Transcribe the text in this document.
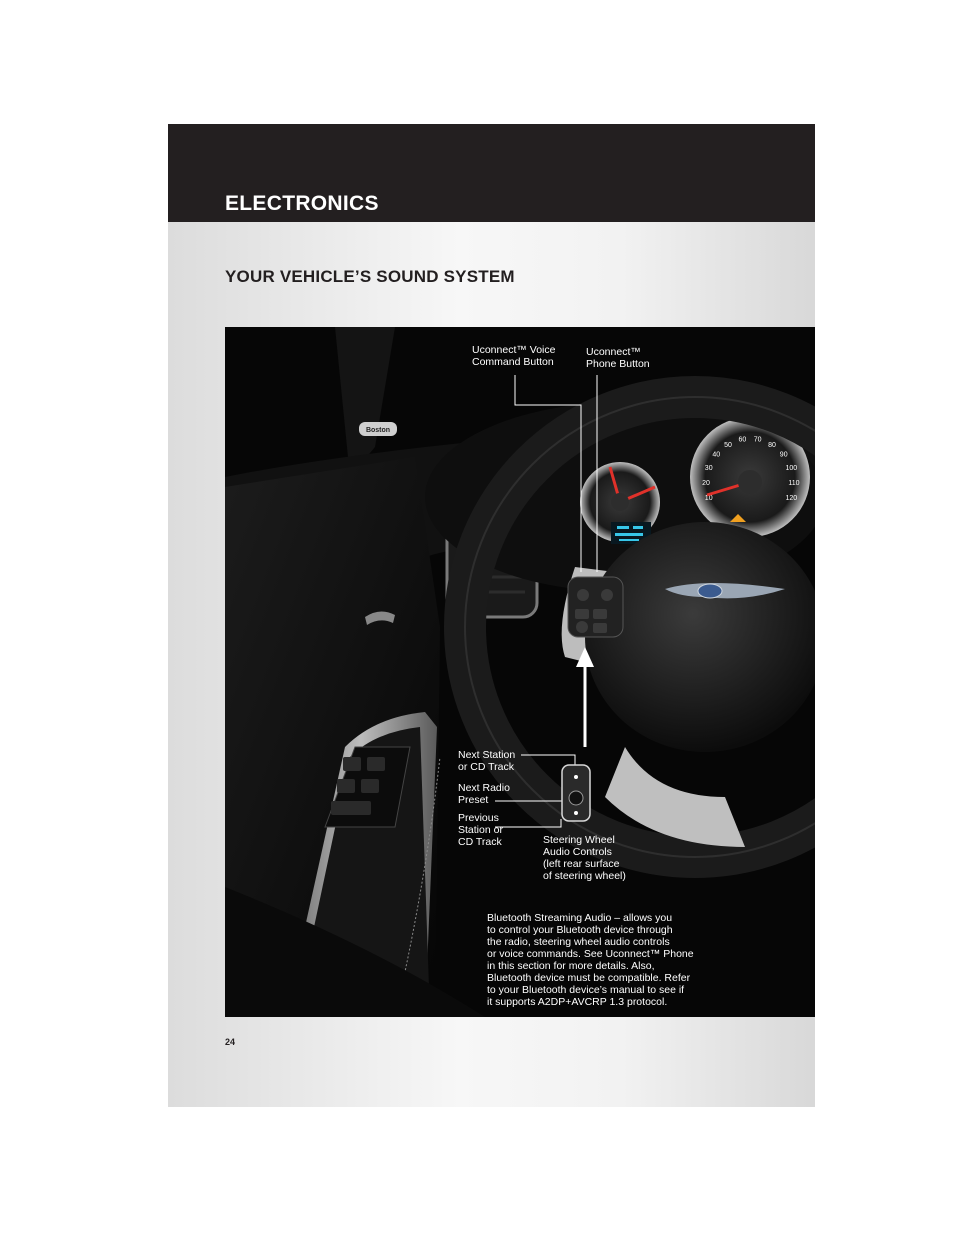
ELECTRONICS
YOUR VEHICLE’S SOUND SYSTEM
Boston
10
20
30
40
50
60 70
80
90
100
110
120
Uconnect™ Voice
Command Button
Uconnect™
Phone Button
Next Station
or CD Track
Next Radio
Preset
Previous
Station or
CD Track	Steering Wheel
Audio Controls
(left rear surface
of steering wheel)
Bluetooth Streaming Audio – allows you
to control your Bluetooth device through
the radio, steering wheel audio controls
or voice commands. See Uconnect™ Phone
in this section for more details. Also,
Bluetooth device must be compatible. Refer
to your Bluetooth device’s manual to see if
it supports A2DP+AVCRP 1.3 protocol.
24
